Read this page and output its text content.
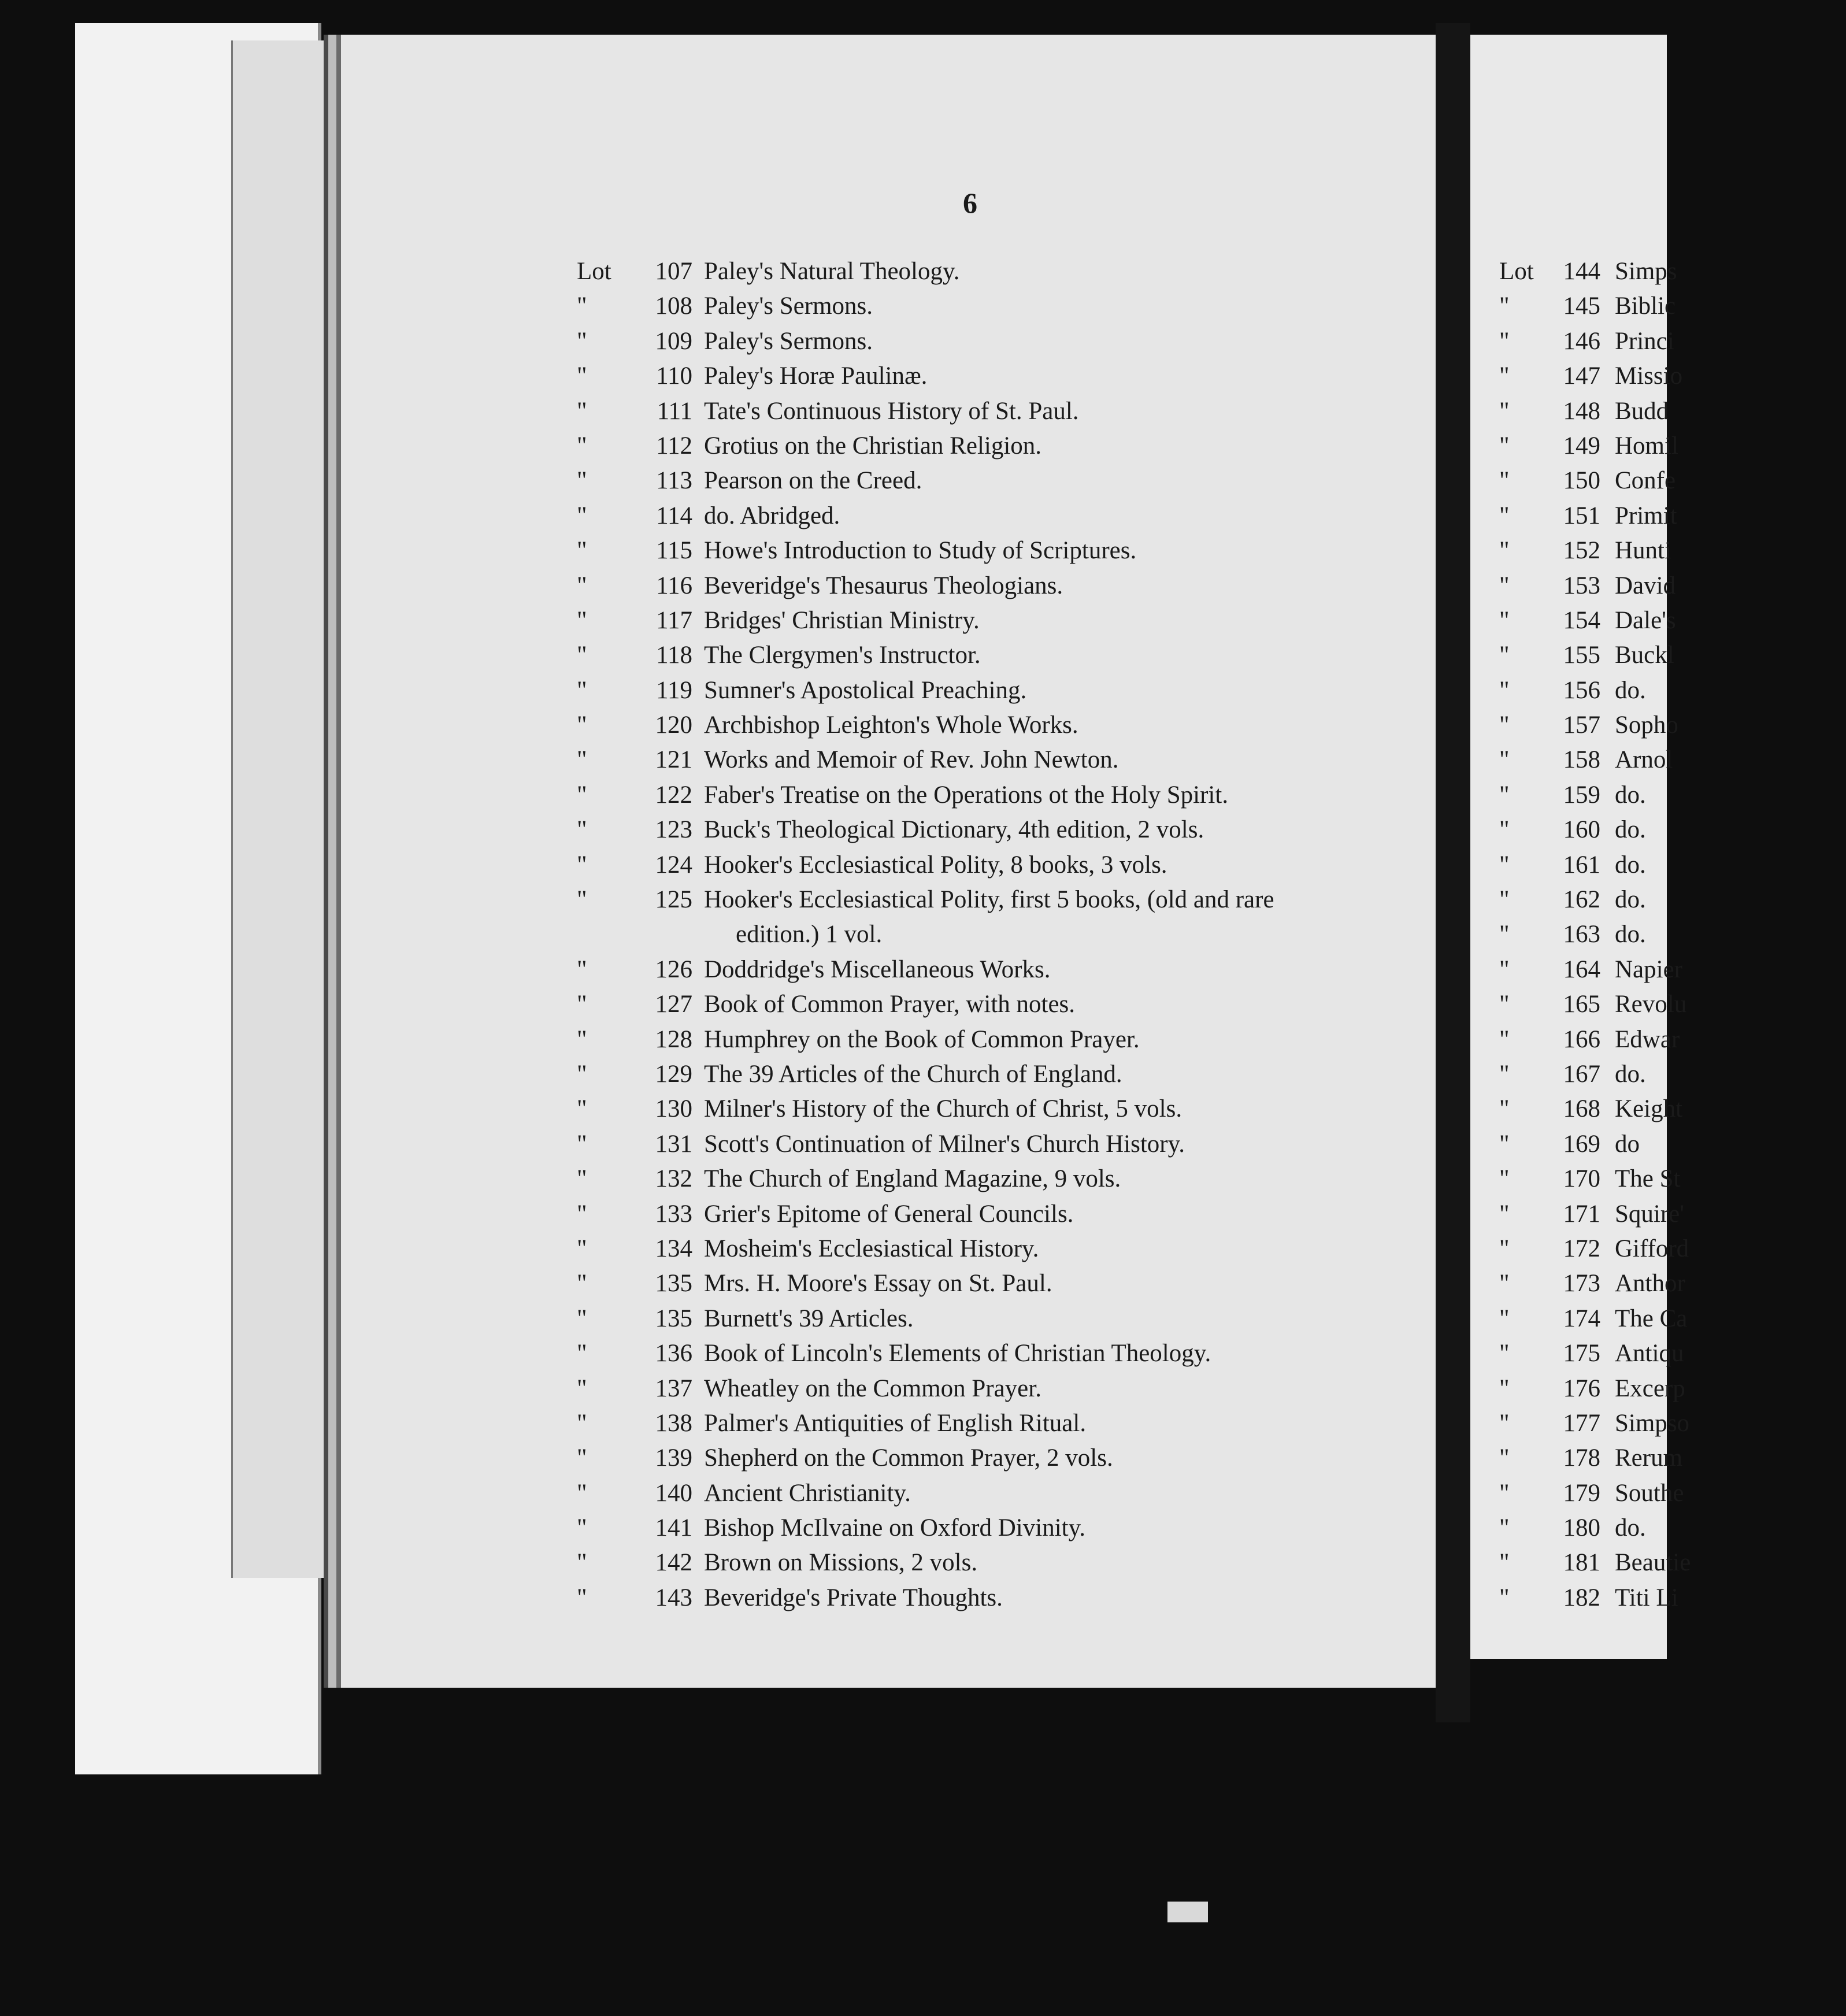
6
Lot	107 Paley's Natural Theology.
"	108 Paley's Sermons.
"	109 Paley's Sermons.
"	110 Paley's Horæ Paulinæ.
"	111 Tate's Continuous History of St. Paul.
"	112 Grotius on the Christian Religion.
"	113 Pearson on the Creed.
"	114 do. Abridged.
"	115 Howe's Introduction to Study of Scriptures.
"	116 Beveridge's Thesaurus Theologians.
"	117 Bridges' Christian Ministry.
"	118 The Clergymen's Instructor.
"	119 Sumner's Apostolical Preaching.
"	120 Archbishop Leighton's Whole Works.
"	121 Works and Memoir of Rev. John Newton.
"	122 Faber's Treatise on the Operations ot the Holy Spirit.
"	123 Buck's Theological Dictionary, 4th edition, 2 vols.
"	124 Hooker's Ecclesiastical Polity, 8 books, 3 vols.
"	125 Hooker's Ecclesiastical Polity, first 5 books, (old and rare
edition.) 1 vol.
"	126 Doddridge's Miscellaneous Works.
"	127 Book of Common Prayer, with notes.
"	128 Humphrey on the Book of Common Prayer.
"	129 The 39 Articles of the Church of England.
"	130 Milner's History of the Church of Christ, 5 vols.
"	131 Scott's Continuation of Milner's Church History.
"	132 The Church of England Magazine, 9 vols.
"	133 Grier's Epitome of General Councils.
"	134 Mosheim's Ecclesiastical History.
"	135 Mrs. H. Moore's Essay on St. Paul.
"	135 Burnett's 39 Articles.
"	136 Book of Lincoln's Elements of Christian Theology.
"	137 Wheatley on the Common Prayer.
"	138 Palmer's Antiquities of English Ritual.
"	139 Shepherd on the Common Prayer, 2 vols.
"	140 Ancient Christianity.
"	141 Bishop McIlvaine on Oxford Divinity.
"	142 Brown on Missions, 2 vols.
"	143 Beveridge's Private Thoughts.
Lot	144 Simps
"	145 Biblic
"	146 Princi
"	147 Missio
"	148 Budd
"	149 Homil
"	150 Confe
"	151 Primit
"	152 Hunti
"	153 David
"	154 Dale's
"	155 Buckl
"	156 do.
"	157 Sopho
"	158 Arnol
"	159 do.
"	160 do.
"	161 do.
"	162 do.
"	163 do.
"	164 Napier
"	165 Revolu
"	166 Edwar
"	167 do.
"	168 Keight
"	169 do
"	170 The St
"	171 Squire'
"	172 Gifford
"	173 Anthor
"	174 The Ca
"	175 Antiqu
"	176 Excerp
"	177 Simpso
"	178 Rerum
"	179 Southe
"	180 do.
"	181 Beautie
"	182 Titi Li
